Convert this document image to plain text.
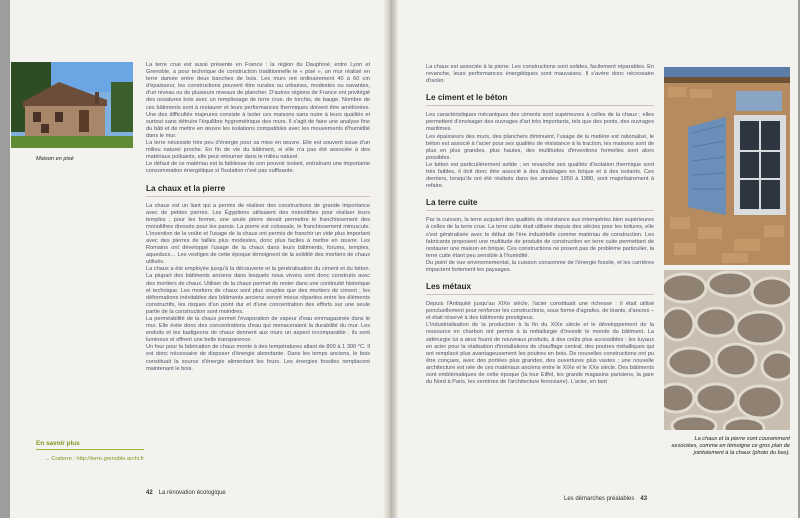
Maison en pisé

La terre crue est aussi présente en France : la région du Dauphiné, entre Lyon et Grenoble, a pour technique de construction traditionnelle le « pisé », un mur réalisé en terre damée entre deux banches de bois. Les murs ont ordinairement 40 à 60 cm d'épaisseur, les constructions peuvent être rurales ou urbaines, modestes ou savantes, d'un niveau ou de plusieurs niveaux de plancher. D'autres régions de France ont privilégié des ossatures bois avec un remplissage de terre crue, de torchis, de bauge. Nombre de ces bâtiments sont à restaurer et leurs performances thermiques doivent être améliorées. Une des difficultés majeures consiste à isoler ces maisons sans nuire à leurs qualités et surtout sans détruire l'équilibre hygrométrique des murs. Il s'agit de faire une analyse fine du bâti et de mettre en œuvre les isolations compatibles avec les mouvements d'humidité dans le mur.

La terre nécessite très peu d'énergie pour sa mise en œuvre. Elle est souvent issue d'un milieu naturel proche. En fin de vie du bâtiment, si elle n'a pas été associée à des matériaux polluants, elle peut retourner dans le milieu naturel.

Le défaut de ce matériau est la faiblesse de son pouvoir isolant, entraînant une importante consommation énergétique si l'isolation n'est pas suffisante.

La chaux et la pierre

La chaux est un liant qui a permis de réaliser des constructions de grande importance avec de petites pierres. Les Égyptiens utilisaient des monolithes pour réaliser leurs temples ; pour les fermer, une seule pierre devait permettre le franchissement des monolithes dressés pour les parois. La pierre est colossale, le franchissement minuscule. L'invention de la voûte et l'usage de la chaux ont permis de franchir un vide plus important avec des pierres de tailles plus modestes, donc plus faciles à mettre en œuvre. Les Romains ont développé l'usage de la chaux dans leurs bâtiments, forums, temples, aqueducs… Les vestiges de cette époque témoignent de la solidité des mortiers de chaux utilisés.

La chaux a été employée jusqu'à la découverte et la généralisation du ciment et du béton. La plupart des bâtiments anciens dans lesquels nous vivons sont donc construits avec des mortiers de chaux. Utiliser de la chaux permet de rester dans une continuité historique et technique. Les mortiers de chaux sont plus souples que des mortiers de ciment ; les déformations inévitables des bâtiments anciens seront mieux réparties entre les éléments constructifs, les risques d'un point dur et d'une concentration des efforts sur une seule partie de la construction sont moindres.

La perméabilité de la chaux permet l'évaporation de vapeur d'eau emmagasinée dans le mur. Elle évite donc des concentrations d'eau qui menaceraient la durabilité du mur. Les enduits et les badigeons de chaux donnent aux murs un aspect incomparable ; ils sont lumineux et offrent une belle transparence.

Un four pour la fabrication de chaux monte à des températures allant de 800 à 1 300 °C. Il est donc nécessaire de disposer d'énergie abondante. Dans les temps anciens, le bois constituait la source d'énergie alimentant les fours. Les énergies fossiles remplacent maintenant le bois.

En savoir plus
→ Craterre : http://terre.grenoble.archi.fr
42 La rénovation écologique

La chaux est associée à la pierre. Les constructions sont solides, facilement réparables. En revanche, leurs performances énergétiques sont mauvaises. Il s'avère donc nécessaire d'isoler.

Le ciment et le béton

Les caractéristiques mécaniques des ciments sont supérieures à celles de la chaux ; elles permettent d'envisager des ouvrages d'art très importants, tels que des ponts, des ouvrages maritimes.

Les épaisseurs des murs, des planchers diminuent, l'usage de la matière est rationalisé, le béton est associé à l'acier pour ses qualités de résistance à la traction, les maisons sont de plus en plus grandes, plus hautes, des multitudes d'inventions formelles sont alors possibles.

Le béton est particulièrement solide ; en revanche ses qualités d'isolation thermique sont très faibles, il doit donc être associé à des doublages en brique et à des isolants. Ces derniers, lorsqu'ils ont été réalisés dans les années 1950 à 1980, sont majoritairement à refaire.

La terre cuite

Par la cuisson, la terre acquiert des qualités de résistance aux intempéries bien supérieures à celles de la terre crue. La terre cuite était utilisée depuis des siècles pour les toitures, elle s'est généralisée avec le début de l'ère industrielle comme matériau de construction. Les fabricants proposent une multitude de produits de construction en terre cuite permettant de restaurer une maison en brique. Ces constructions ne posent pas de problème particulier, la terre cuite étant peu sensible à l'humidité.

Du point de vue environnemental, la cuisson consomme de l'énergie fossile, et les carrières impactent fortement les paysages.

Les métaux

Depuis l'Antiquité jusqu'au XIXe siècle, l'acier constituait une richesse : il était utilisé ponctuellement pour renforcer les constructions, sous forme d'agrafes, de tirants, d'ancres – et était réservé à des bâtiments prestigieux.

L'industrialisation de la production à la fin du XIXe siècle et le développement de la ressource en charbon ont permis à la métallurgie d'investir le monde du bâtiment. La sidérurgie lui a ainsi fourni de nouveaux produits, à des coûts plus accessibles : les tuyaux en acier pour la réalisation d'installations de chauffage central, des poutres métalliques qui ont remplacé plus avantageusement les poutres en bois. De nouvelles constructions ont pu être conçues, avec des portées plus grandes, des ouvertures plus vastes ; une nouvelle architecture est née de ces matériaux anciens entre le XIXe et le XXe siècle. Des bâtiments sont emblématiques de cette époque (la tour Eiffel, les grands magasins parisiens, la gare du Nord à Paris, les verrières de l'architecture ferroviaire). L'acier, en tant

La chaux et la pierre sont couramment associées, comme en témoigne ce gros plan de jointoiement à la chaux (photo du bas).
Les démarches préalables 43
